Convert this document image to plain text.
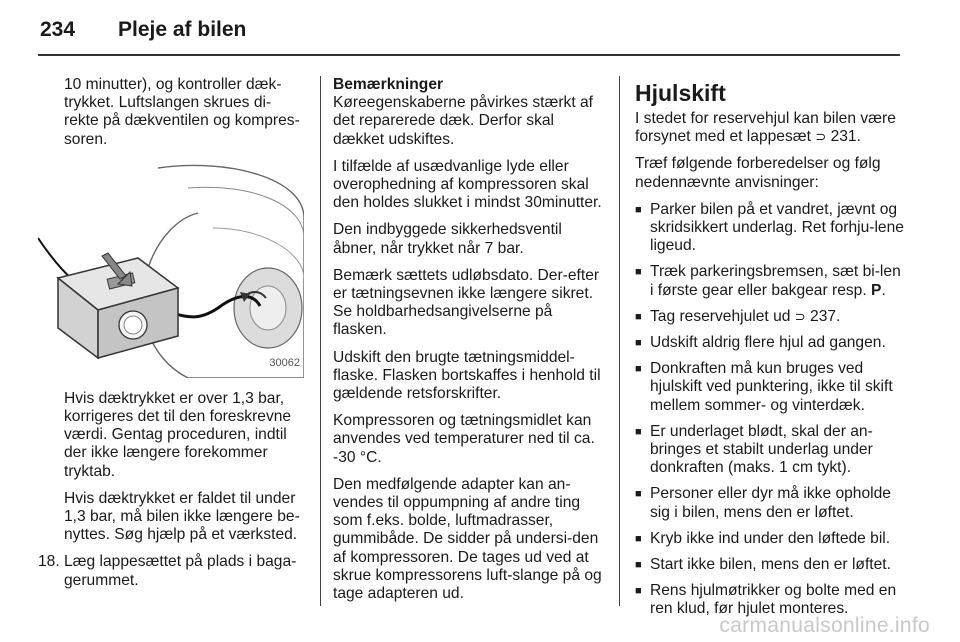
234	Pleje af bilen

10 minutter), og kontroller dæk-trykket. Luftslangen skrues di-rekte på dækventilen og kompres-soren.

30062

Hvis dæktrykket er over 1,3 bar, korrigeres det til den foreskrevne værdi. Gentag proceduren, indtil der ikke længere forekommer tryktab.

Hvis dæktrykket er faldet til under 1,3 bar, må bilen ikke længere be-nyttes. Søg hjælp på et værksted.

18. Læg lappesættet på plads i baga-gerummet.
Bemærkninger

Køreegenskaberne påvirkes stærkt af det reparerede dæk. Derfor skal dækket udskiftes.

I tilfælde af usædvanlige lyde eller overophedning af kompressoren skal den holdes slukket i mindst 30minutter.

Den indbyggede sikkerhedsventil åbner, når trykket når 7 bar.

Bemærk sættets udløbsdato. Der-efter er tætningsevnen ikke længere sikret. Se holdbarhedsangivelserne på flasken.

Udskift den brugte tætningsmiddel-flaske. Flasken bortskaffes i henhold til gældende retsforskrifter.

Kompressoren og tætningsmidlet kan anvendes ved temperaturer ned til ca. -30 °C.

Den medfølgende adapter kan an-vendes til oppumpning af andre ting som f.eks. bolde, luftmadrasser, gummibåde. De sidder på undersi-den af kompressoren. De tages ud ved at skrue kompressorens luft-slange på og tage adapteren ud.

Hjulskift

I stedet for reservehjul kan bilen være forsynet med et lappesæt ⊃ 231.

Træf følgende forberedelser og følg nedennævnte anvisninger:

■ Parker bilen på et vandret, jævnt og skridsikkert underlag. Ret forhju-lene ligeud.
■ Træk parkeringsbremsen, sæt bi-len i første gear eller bakgear resp. P.
■ Tag reservehjulet ud ⊃ 237.
■ Udskift aldrig flere hjul ad gangen.
■ Donkraften må kun bruges ved hjulskift ved punktering, ikke til skift mellem sommer- og vinterdæk.
■ Er underlaget blødt, skal der an-bringes et stabilt underlag under donkraften (maks. 1 cm tykt).
■ Personer eller dyr må ikke opholde sig i bilen, mens den er løftet.
■ Kryb ikke ind under den løftede bil.
■ Start ikke bilen, mens den er løftet.
■ Rens hjulmøtrikker og bolte med en ren klud, før hjulet monteres.
carmanualsonline.info
